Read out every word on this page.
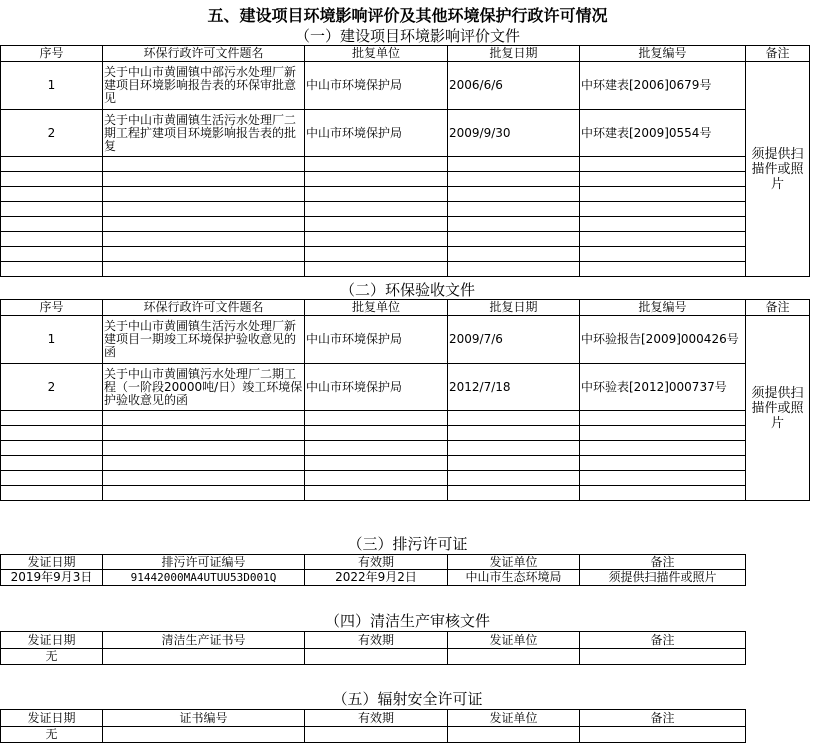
五、建设项目环境影响评价及其他环境保护行政许可情况
（一）建设项目环境影响评价文件
序号	环保行政许可文件题名	批复单位	批复日期	批复编号	备注
1	关于中山市黄圃镇中部污水处理厂新建项目环境影响报告表的环保审批意见	中山市环境保护局	2006/6/6	中环建表[2006]0679号	须提供扫描件或照片
2	关于中山市黄圃镇生活污水处理厂二期工程扩建项目环境影响报告表的批复	中山市环境保护局	2009/9/30	中环建表[2009]0554号	

（二）环保验收文件
序号	环保行政许可文件题名	批复单位	批复日期	批复编号	备注
1	关于中山市黄圃镇生活污水处理厂新建项目一期竣工环境保护验收意见的函	中山市环境保护局	2009/7/6	中环验报告[2009]000426号	须提供扫描件或照片
2	关于中山市黄圃镇污水处理厂二期工程（一阶段20000吨/日）竣工环境保护验收意见的函	中山市环境保护局	2012/7/18	中环验表[2012]000737号	

（三）排污许可证
发证日期	排污许可证编号	有效期	发证单位	备注
2019年9月3日	91442000MA4UTUU53D001Q	2022年9月2日	中山市生态环境局	须提供扫描件或照片
（四）清洁生产审核文件
发证日期	清洁生产证书号	有效期	发证单位	备注
无				
（五）辐射安全许可证
发证日期	证书编号	有效期	发证单位	备注
无				
